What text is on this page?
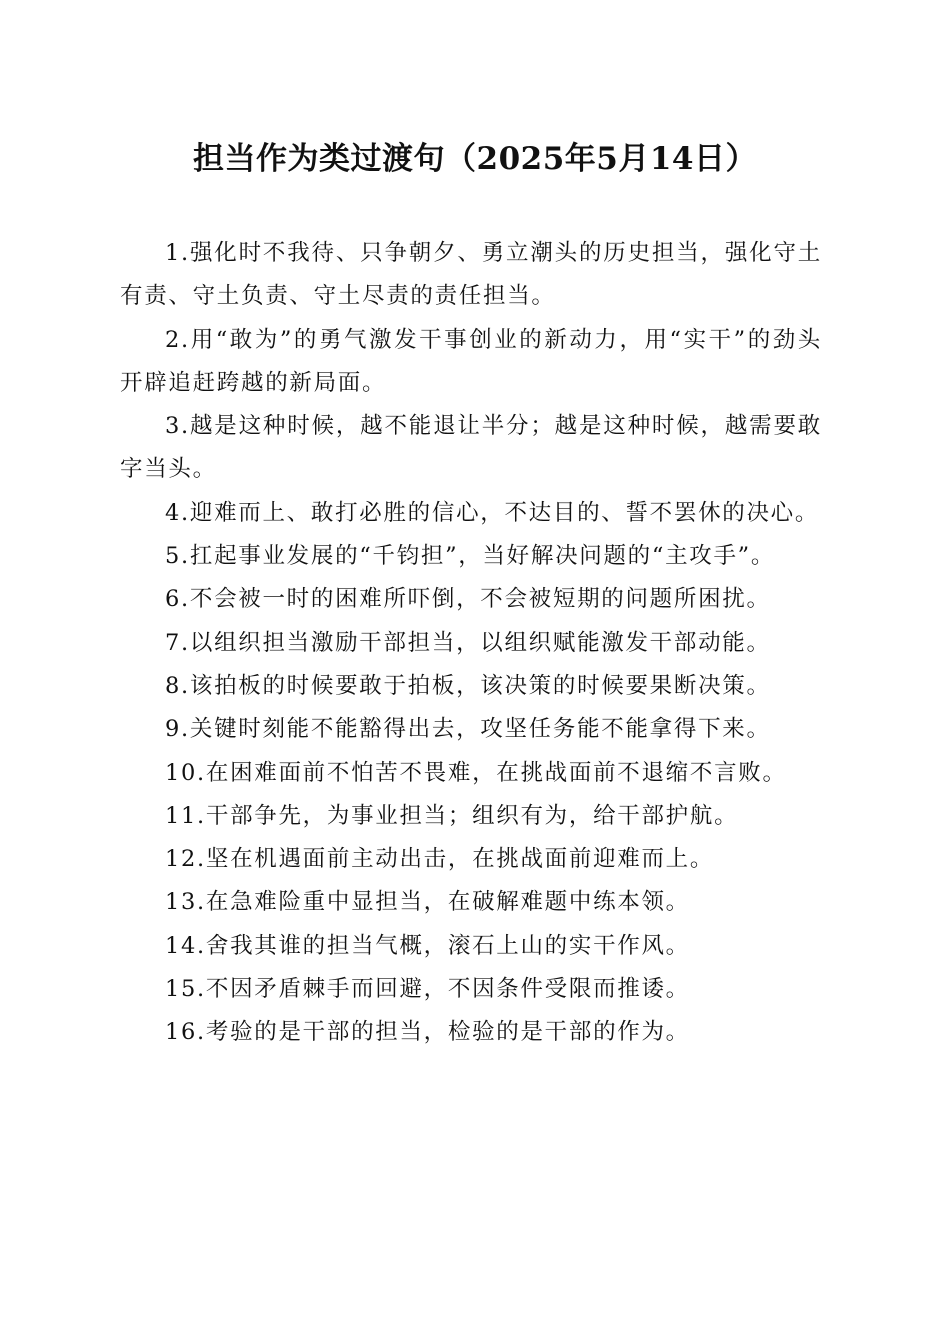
担当作为类过渡句（2025年5月14日）

1.强化时不我待、只争朝夕、勇立潮头的历史担当，强化守土有责、守土负责、守土尽责的责任担当。

2.用“敢为”的勇气激发干事创业的新动力，用“实干”的劲头开辟追赶跨越的新局面。

3.越是这种时候，越不能退让半分；越是这种时候，越需要敢字当头。

4.迎难而上、敢打必胜的信心，不达目的、誓不罢休的决心。

5.扛起事业发展的“千钧担”，当好解决问题的“主攻手”。

6.不会被一时的困难所吓倒，不会被短期的问题所困扰。

7.以组织担当激励干部担当，以组织赋能激发干部动能。

8.该拍板的时候要敢于拍板，该决策的时候要果断决策。

9.关键时刻能不能豁得出去，攻坚任务能不能拿得下来。

10.在困难面前不怕苦不畏难，在挑战面前不退缩不言败。

11.干部争先，为事业担当；组织有为，给干部护航。

12.坚在机遇面前主动出击，在挑战面前迎难而上。

13.在急难险重中显担当，在破解难题中练本领。

14.舍我其谁的担当气概，滚石上山的实干作风。

15.不因矛盾棘手而回避，不因条件受限而推诿。

16.考验的是干部的担当，检验的是干部的作为。
